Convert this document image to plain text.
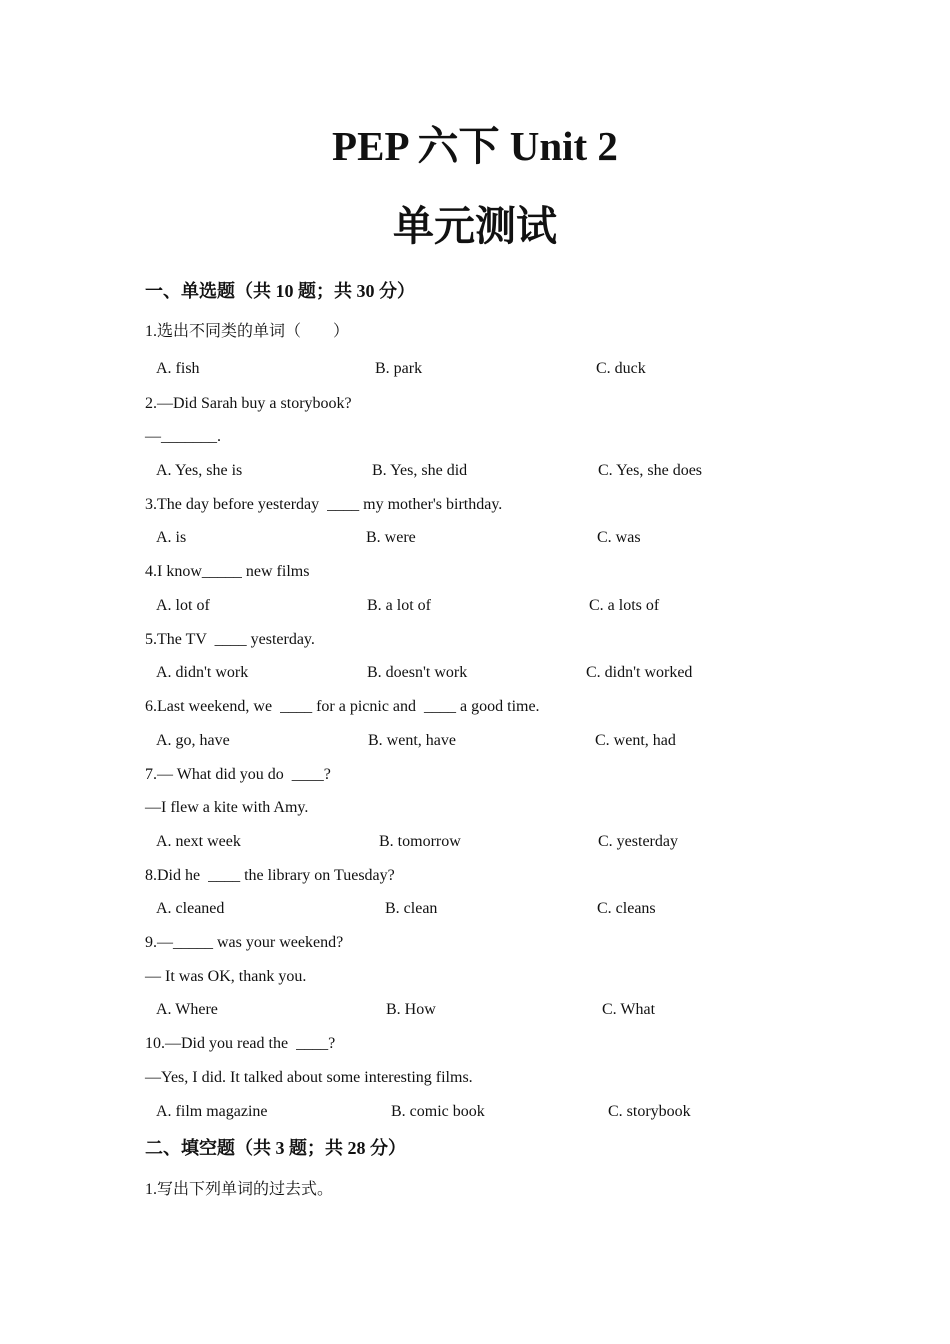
PEP 六下 Unit 2
单元测试
一、单选题（共 10 题；共 30 分）
1.选出不同类的单词（        ）
A. fish	B. park	C. duck
2.—Did Sarah buy a storybook?
—_______.
A. Yes, she is	B. Yes, she did	C. Yes, she does
3.The day before yesterday  ____ my mother's birthday.
A. is	B. were	C. was
4.I know_____ new films
A. lot of	B. a lot of	C. a lots of
5.The TV  ____ yesterday.
A. didn't work	B. doesn't work	C. didn't worked
6.Last weekend, we  ____ for a picnic and  ____ a good time.
A. go, have	B. went, have	C. went, had
7.— What did you do  ____?
—I flew a kite with Amy.
A. next week	B. tomorrow	C. yesterday
8.Did he  ____ the library on Tuesday?
A. cleaned	B. clean	C. cleans
9.—_____ was your weekend?
— It was OK, thank you.
A. Where	B. How	C. What
10.—Did you read the  ____?
—Yes, I did. It talked about some interesting films.
A. film magazine	B. comic book	C. storybook
二、填空题（共 3 题；共 28 分）
1.写出下列单词的过去式。
